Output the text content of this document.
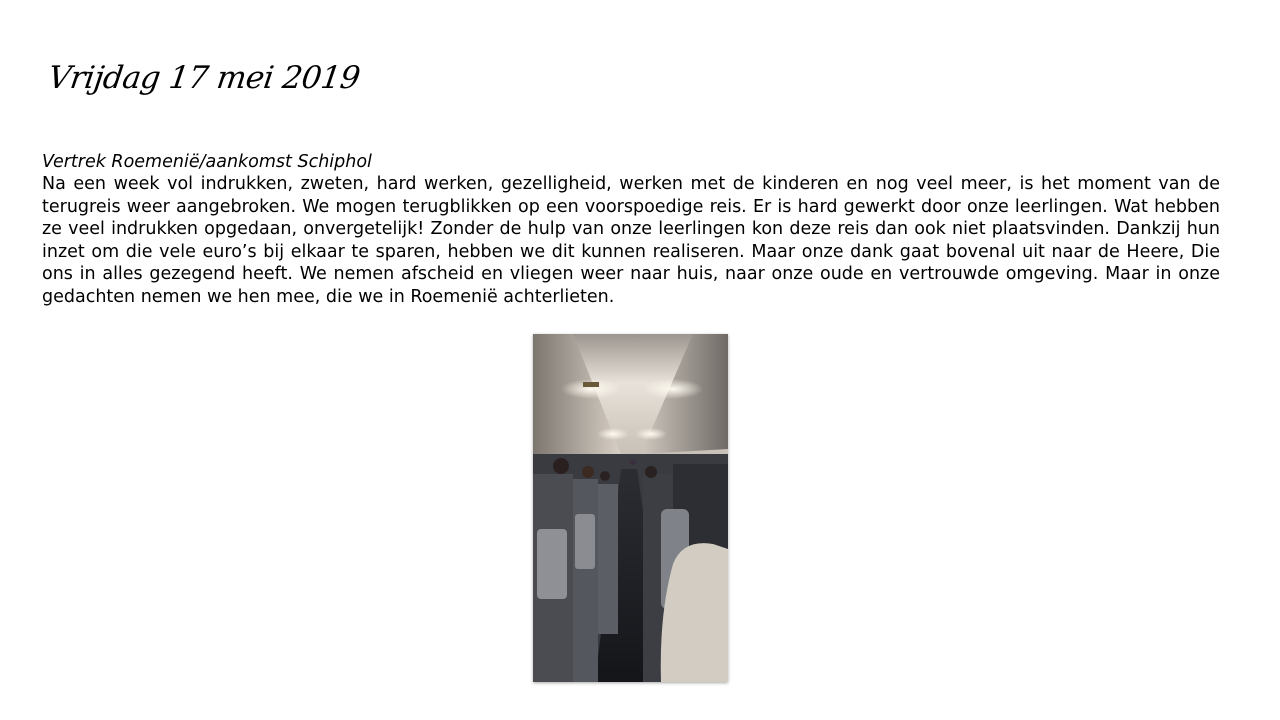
Vrijdag 17 mei 2019
Vertrek Roemenië/aankomst Schiphol

Na een week vol indrukken, zweten, hard werken, gezelligheid, werken met de kinderen en nog veel meer, is het moment van de terugreis weer aangebroken. We mogen terugblikken op een voorspoedige reis. Er is hard gewerkt door onze leerlingen. Wat hebben ze veel indrukken opgedaan, onvergetelijk! Zonder de hulp van onze leerlingen kon deze reis dan ook niet plaatsvinden. Dankzij hun inzet om die vele euro’s bij elkaar te sparen, hebben we dit kunnen realiseren. Maar onze dank gaat bovenal uit naar de Heere, Die ons in alles gezegend heeft. We nemen afscheid en vliegen weer naar huis, naar onze oude en vertrouwde omgeving. Maar in onze gedachten nemen we hen mee, die we in Roemenië achterlieten.
